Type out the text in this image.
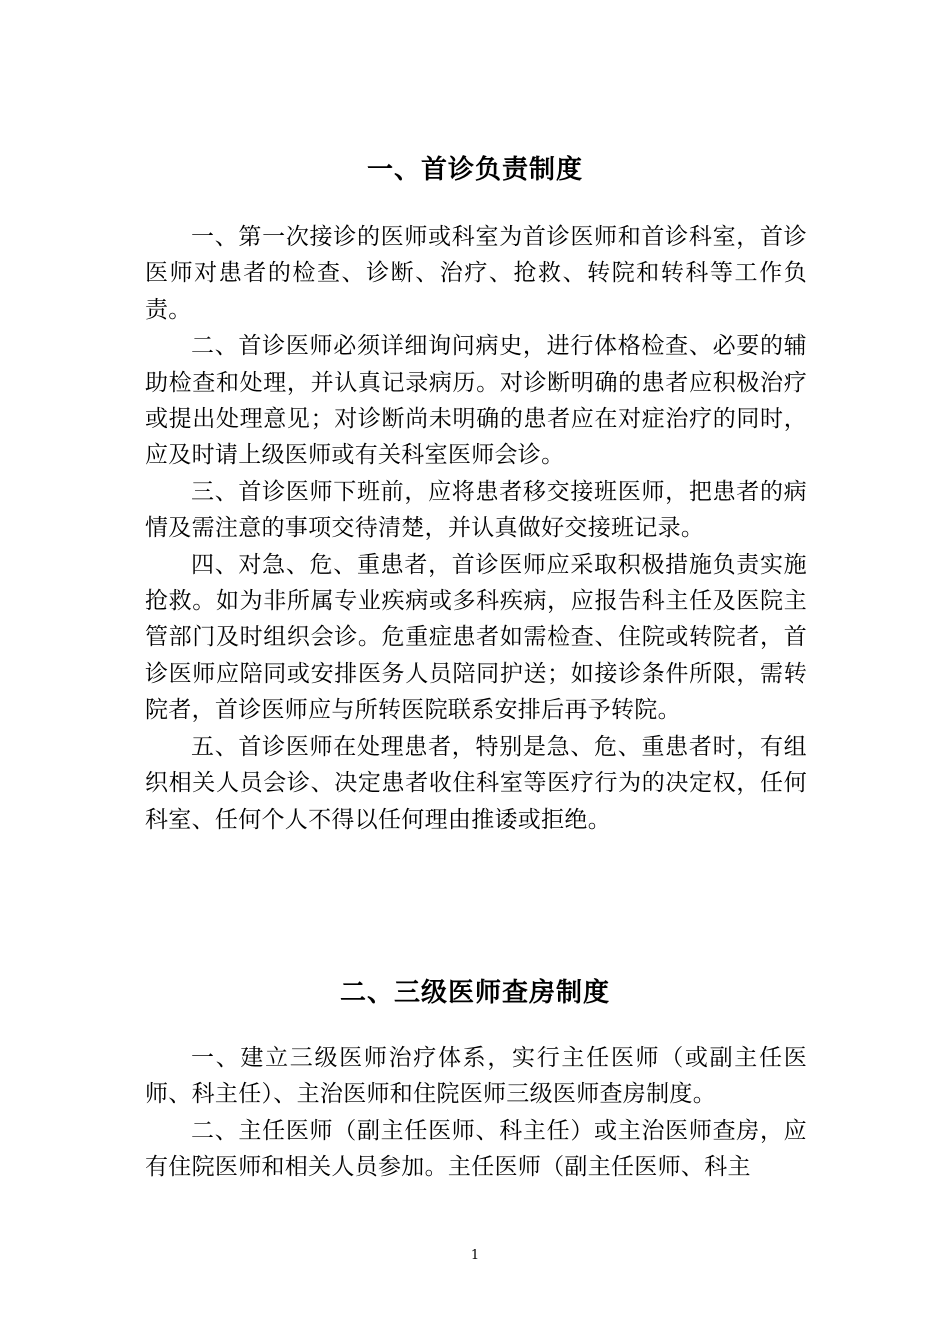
一、首诊负责制度

一、第一次接诊的医师或科室为首诊医师和首诊科室，首诊医师对患者的检查、诊断、治疗、抢救、转院和转科等工作负责。

二、首诊医师必须详细询问病史，进行体格检查、必要的辅助检查和处理，并认真记录病历。对诊断明确的患者应积极治疗或提出处理意见；对诊断尚未明确的患者应在对症治疗的同时，应及时请上级医师或有关科室医师会诊。

三、首诊医师下班前，应将患者移交接班医师，把患者的病情及需注意的事项交待清楚，并认真做好交接班记录。

四、对急、危、重患者，首诊医师应采取积极措施负责实施抢救。如为非所属专业疾病或多科疾病，应报告科主任及医院主管部门及时组织会诊。危重症患者如需检查、住院或转院者，首诊医师应陪同或安排医务人员陪同护送；如接诊条件所限，需转院者，首诊医师应与所转医院联系安排后再予转院。

五、首诊医师在处理患者，特别是急、危、重患者时，有组织相关人员会诊、决定患者收住科室等医疗行为的决定权，任何科室、任何个人不得以任何理由推诿或拒绝。

二、三级医师查房制度

一、建立三级医师治疗体系，实行主任医师（或副主任医师、科主任）、主治医师和住院医师三级医师查房制度。

二、主任医师（副主任医师、科主任）或主治医师查房，应有住院医师和相关人员参加。主任医师（副主任医师、科主

1
